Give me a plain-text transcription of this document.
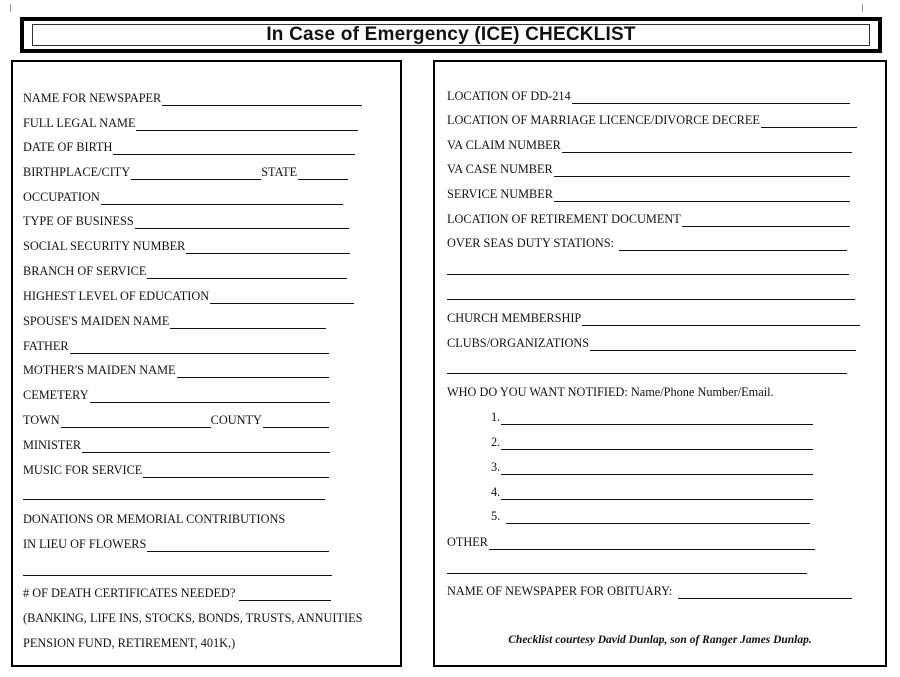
In Case of Emergency (ICE) CHECKLIST
NAME FOR NEWSPAPER
FULL LEGAL NAME
DATE OF BIRTH
BIRTHPLACE/CITY	STATE
OCCUPATION
TYPE OF BUSINESS
SOCIAL SECURITY NUMBER
BRANCH OF SERVICE
HIGHEST LEVEL OF EDUCATION
SPOUSE'S MAIDEN NAME
FATHER
MOTHER'S MAIDEN NAME
CEMETERY
TOWN	COUNTY
MINISTER
MUSIC FOR SERVICE
DONATIONS OR MEMORIAL CONTRIBUTIONS
IN LIEU OF FLOWERS
# OF DEATH CERTIFICATES NEEDED?
(BANKING, LIFE INS, STOCKS, BONDS, TRUSTS, ANNUITIES
PENSION FUND, RETIREMENT, 401K,)
LOCATION OF DD-214
LOCATION OF MARRIAGE LICENCE/DIVORCE DECREE
VA CLAIM NUMBER
VA CASE NUMBER
SERVICE NUMBER
LOCATION OF RETIREMENT DOCUMENT
OVER SEAS DUTY STATIONS:
CHURCH MEMBERSHIP
CLUBS/ORGANIZATIONS
WHO DO YOU WANT NOTIFIED: Name/Phone Number/Email.
1.
2.
3.
4.
5.
OTHER
NAME OF NEWSPAPER FOR OBITUARY:
Checklist courtesy David Dunlap, son of Ranger James Dunlap.
